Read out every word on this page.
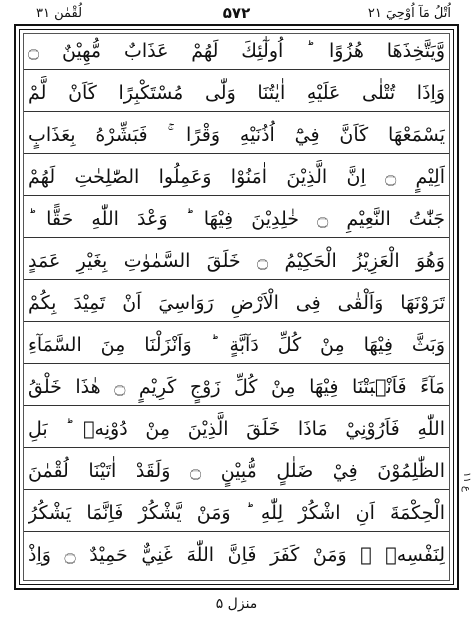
لُقْمٰن ۳۱	۵۷۲	اُتْلُ مَآ اُوْحِيَ ۲۱
وَّيَتَّخِذَهَا هُزُوًا ؕ اُولٰٓئِكَ لَهُمْ عَذَابٌ مُّهِيْنٌ ۝
وَاِذَا تُتْلٰى عَلَيْهِ اٰيٰتُنَا وَلّٰى مُسْتَكْبِرًا كَاَنْ لَّمْ
يَسْمَعْهَا كَاَنَّ فِيْٓ اُذُنَيْهِ وَقْرًا ۚ فَبَشِّرْهُ بِعَذَابٍ
اَلِيْمٍ ۝ اِنَّ الَّذِيْنَ اٰمَنُوْا وَعَمِلُوا الصّٰلِحٰتِ لَهُمْ
جَنّٰتُ النَّعِيْمِ ۝ خٰلِدِيْنَ فِيْهَا ؕ وَعْدَ اللّٰهِ حَقًّا ؕ
وَهُوَ الْعَزِيْزُ الْحَكِيْمُ ۝ خَلَقَ السَّمٰوٰتِ بِغَيْرِ عَمَدٍ
تَرَوْنَهَا وَاَلْقٰى فِى الْاَرْضِ رَوَاسِيَ اَنْ تَمِيْدَ بِكُمْ
وَبَثَّ فِيْهَا مِنْ كُلِّ دَآبَّةٍ ؕ وَاَنْزَلْنَا مِنَ السَّمَآءِ
مَآءً فَاَنْۢبَتْنَا فِيْهَا مِنْ كُلِّ زَوْجٍ كَرِيْمٍ ۝ هٰذَا خَلْقُ
اللّٰهِ فَاَرُوْنِيْ مَاذَا خَلَقَ الَّذِيْنَ مِنْ دُوْنِهٖ ؕ بَلِ
الظّٰلِمُوْنَ فِيْ ضَلٰلٍ مُّبِيْنٍ ۝ وَلَقَدْ اٰتَيْنَا لُقْمٰنَ
الْحِكْمَةَ اَنِ اشْكُرْ لِلّٰهِ ؕ وَمَنْ يَّشْكُرْ فَاِنَّمَا يَشْكُرُ
لِنَفْسِهٖ ۚ وَمَنْ كَفَرَ فَاِنَّ اللّٰهَ غَنِيٌّ حَمِيْدٌ ۝ وَاِذْ
ع ۱۱
منزل ۵
